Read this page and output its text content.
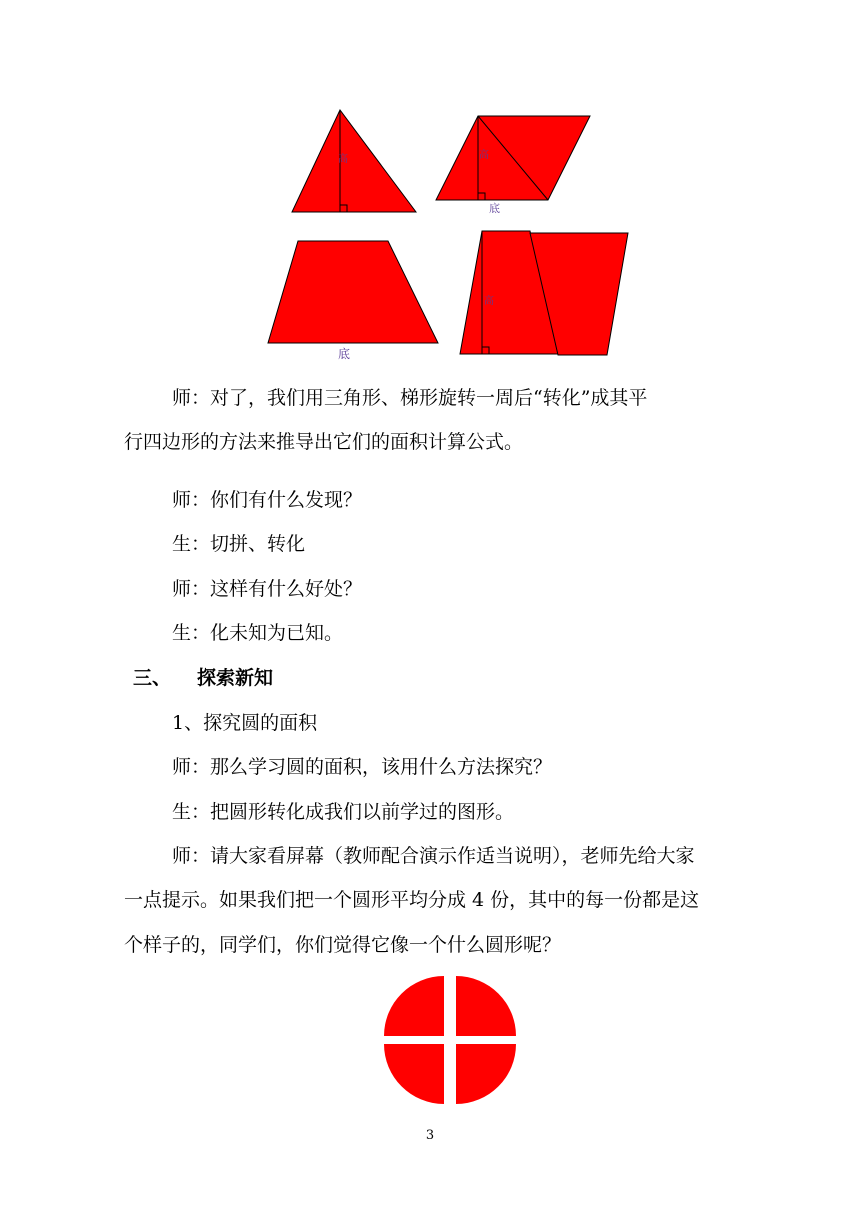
高	高
底
底
高
师：对了，我们用三角形、梯形旋转一周后“转化”成其平
行四边形的方法来推导出它们的面积计算公式。
师：你们有什么发现？
生：切拼、转化
师：这样有什么好处？
生：化未知为已知。
三、 探索新知
1、探究圆的面积
师：那么学习圆的面积，该用什么方法探究？
生：把圆形转化成我们以前学过的图形。
师：请大家看屏幕（教师配合演示作适当说明），老师先给大家
一点提示。如果我们把一个圆形平均分成 4 份，其中的每一份都是这
个样子的，同学们，你们觉得它像一个什么圆形呢？
3
